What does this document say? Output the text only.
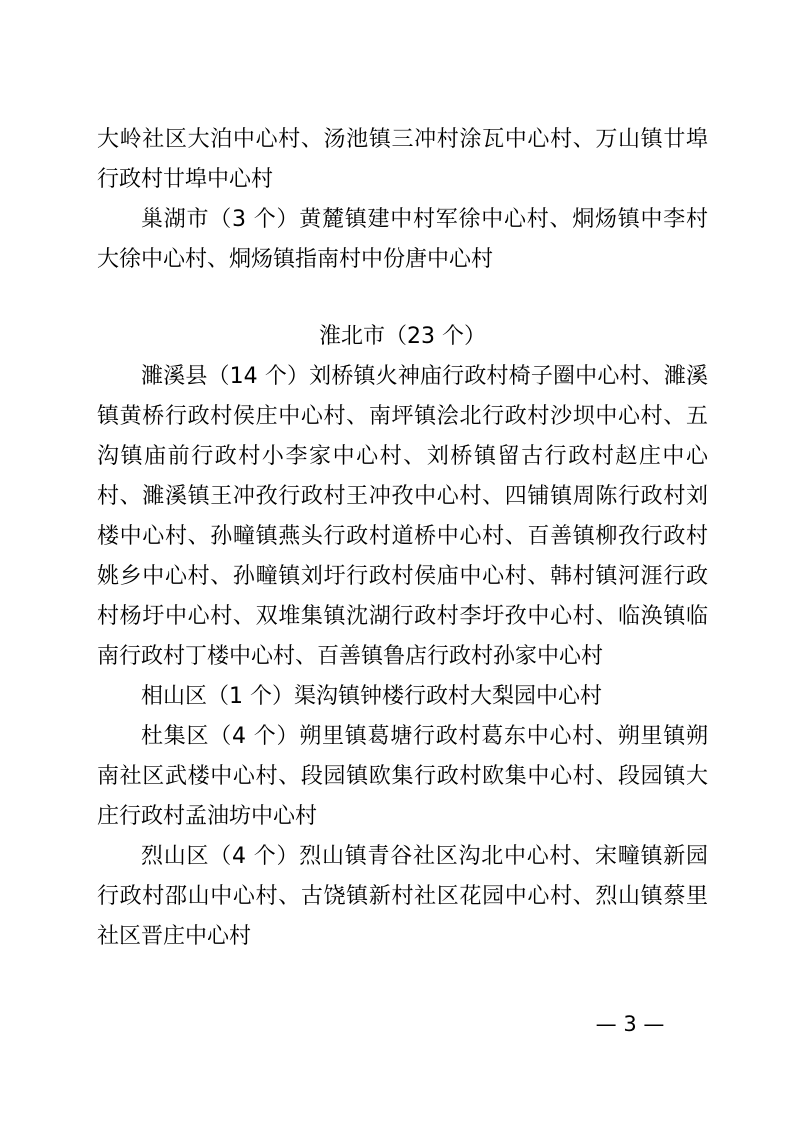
大岭社区大泊中心村、汤池镇三冲村涂瓦中心村、万山镇廿埠行政村廿埠中心村

巢湖市（3 个）黄麓镇建中村军徐中心村、烔炀镇中李村大徐中心村、烔炀镇指南村中份唐中心村

淮北市（23 个）

濉溪县（14 个）刘桥镇火神庙行政村椅子圈中心村、濉溪镇黄桥行政村侯庄中心村、南坪镇浍北行政村沙坝中心村、五沟镇庙前行政村小李家中心村、刘桥镇留古行政村赵庄中心村、濉溪镇王冲孜行政村王冲孜中心村、四铺镇周陈行政村刘楼中心村、孙疃镇燕头行政村道桥中心村、百善镇柳孜行政村姚乡中心村、孙疃镇刘圩行政村侯庙中心村、韩村镇河涯行政村杨圩中心村、双堆集镇沈湖行政村李圩孜中心村、临涣镇临南行政村丁楼中心村、百善镇鲁店行政村孙家中心村

相山区（1 个）渠沟镇钟楼行政村大梨园中心村

杜集区（4 个）朔里镇葛塘行政村葛东中心村、朔里镇朔南社区武楼中心村、段园镇欧集行政村欧集中心村、段园镇大庄行政村孟油坊中心村

烈山区（4 个）烈山镇青谷社区沟北中心村、宋疃镇新园行政村邵山中心村、古饶镇新村社区花园中心村、烈山镇蔡里社区晋庄中心村

— 3 —
